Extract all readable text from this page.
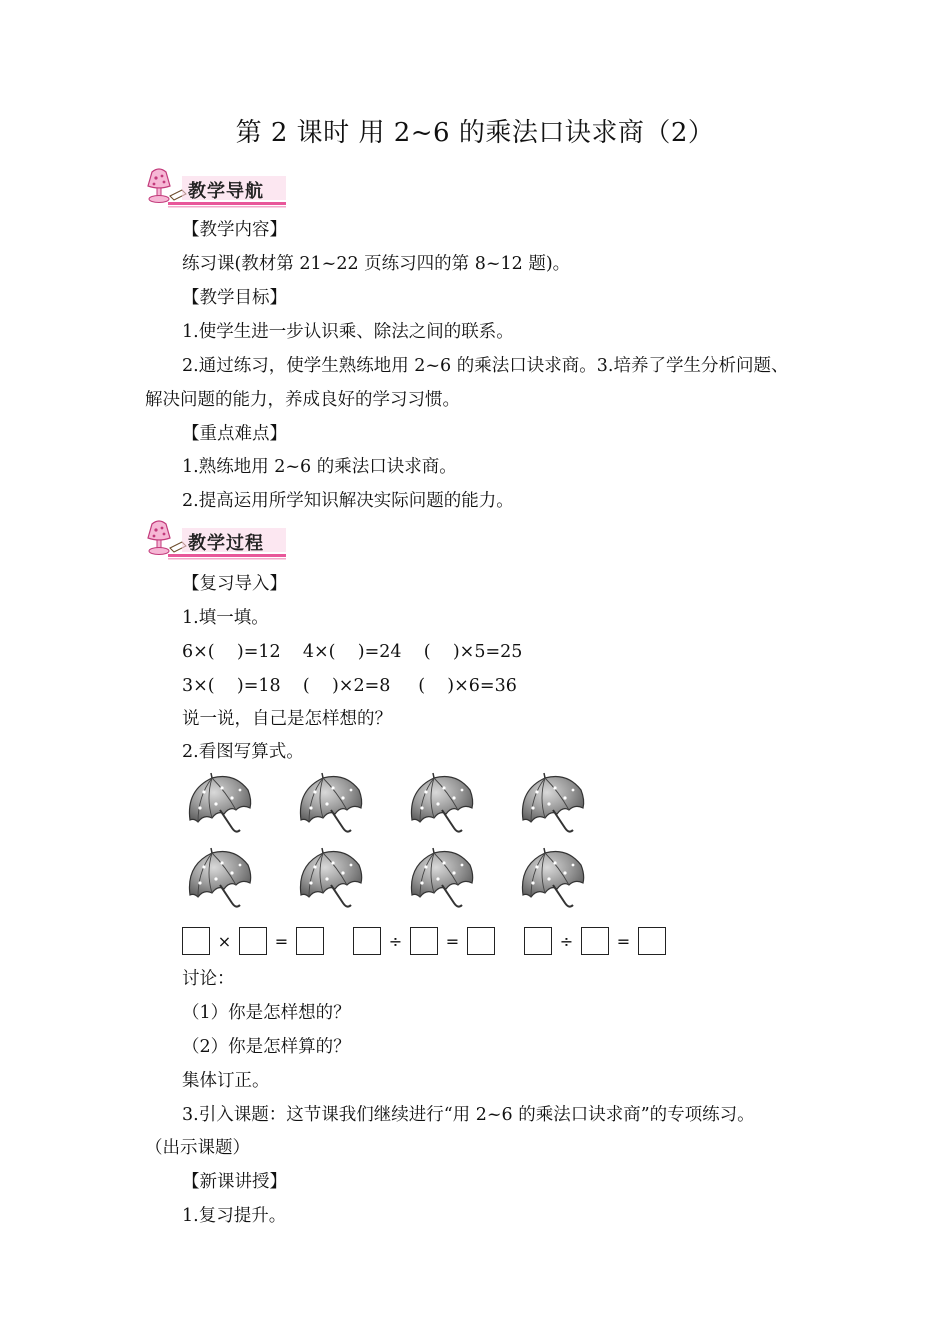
第 2 课时 用 2~6 的乘法口诀求商（2）
教学导航
【教学内容】
练习课(教材第 21~22 页练习四的第 8~12 题)。
【教学目标】
1.使学生进一步认识乘、除法之间的联系。
2.通过练习，使学生熟练地用 2~6 的乘法口诀求商。3.培养了学生分析问题、
解决问题的能力，养成良好的学习习惯。
【重点难点】
1.熟练地用 2~6 的乘法口诀求商。
2.提高运用所学知识解决实际问题的能力。
教学过程
【复习导入】
1.填一填。
6×(    )=12    4×(    )=24    (    )×5=25
3×(    )=18    (    )×2=8     (    )×6=36
说一说，自己是怎样想的？
2.看图写算式。
×	=	÷	=	÷	=
讨论：
（1）你是怎样想的？
（2）你是怎样算的？
集体订正。
3.引入课题：这节课我们继续进行“用 2~6 的乘法口诀求商”的专项练习。
（出示课题）
【新课讲授】
1.复习提升。
